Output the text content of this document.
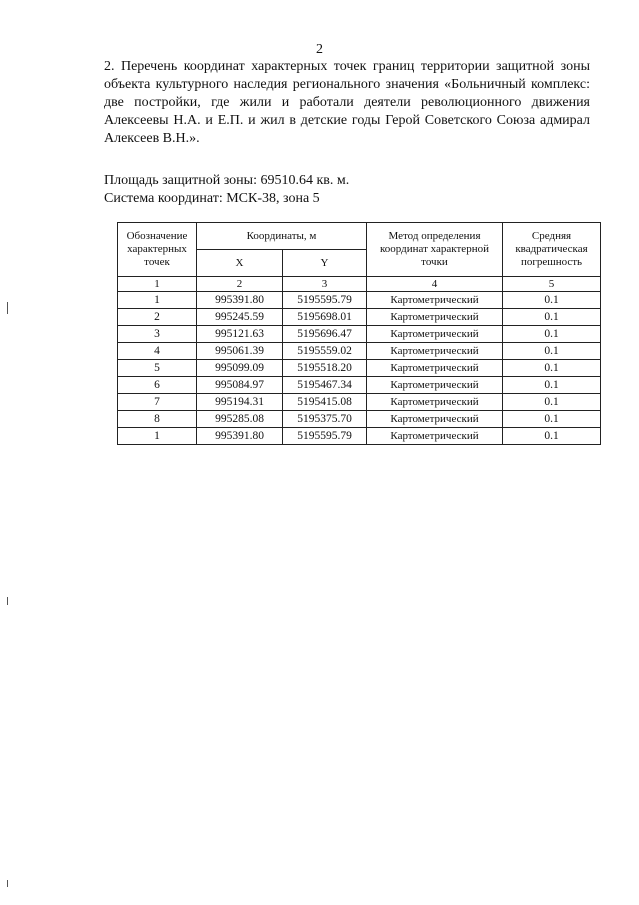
2
2. Перечень координат характерных точек границ территории защитной зоны объекта культурного наследия регионального значения «Больничный комплекс: две постройки, где жили и работали деятели революционного движения Алексеевы Н.А. и Е.П. и жил в детские годы Герой Советского Союза адмирал Алексеев В.Н.».
Площадь защитной зоны: 69510.64 кв. м.
Система координат: МСК-38, зона 5
Обозначение характерных точек	Координаты, м		Метод определения координат характерной точки	Средняя квадратическая погрешность
	X	Y		
1	2	3	4	5
1	995391.80	5195595.79	Картометрический	0.1
2	995245.59	5195698.01	Картометрический	0.1
3	995121.63	5195696.47	Картометрический	0.1
4	995061.39	5195559.02	Картометрический	0.1
5	995099.09	5195518.20	Картометрический	0.1
6	995084.97	5195467.34	Картометрический	0.1
7	995194.31	5195415.08	Картометрический	0.1
8	995285.08	5195375.70	Картометрический	0.1
1	995391.80	5195595.79	Картометрический	0.1
